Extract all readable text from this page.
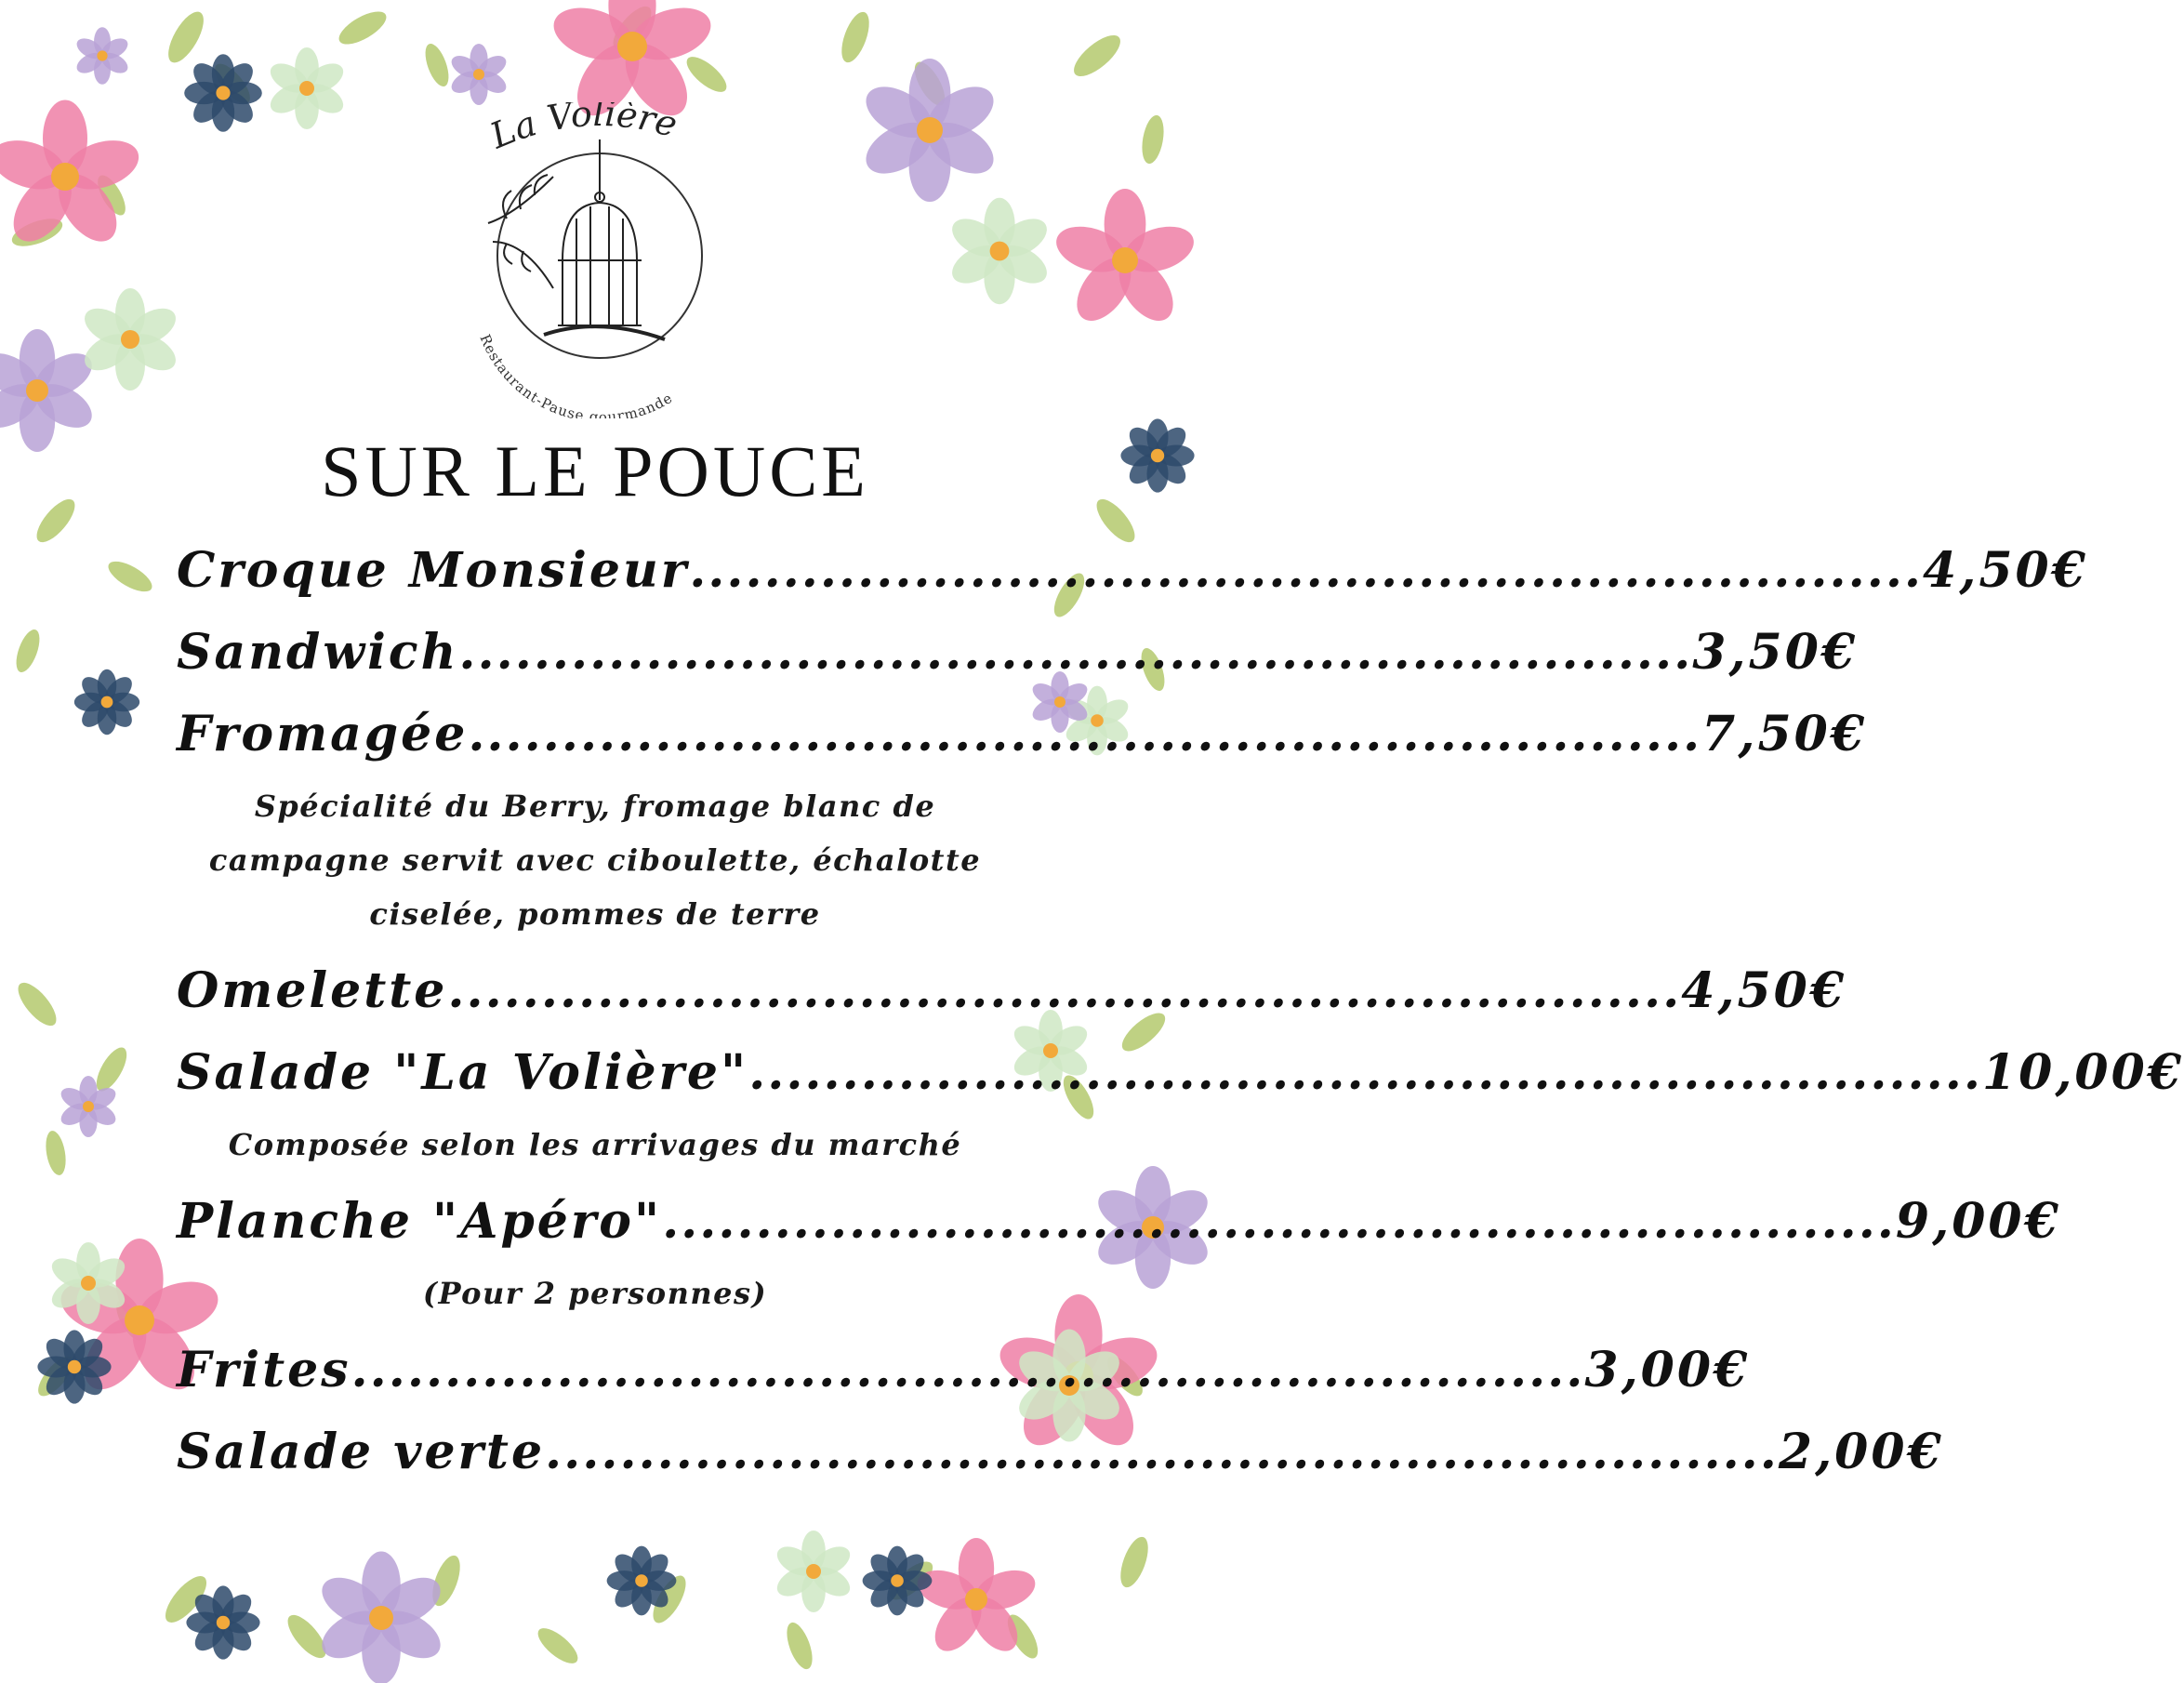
La Volière
Restaurant-Pause gourmande
SUR LE POUCE
Croque Monsieur .................................................................. 4,50€
Sandwich .................................................................. 3,50€
Fromagée .................................................................. 7,50€

Spécialité du Berry, fromage blanc de

campagne servit avec ciboulette, échalotte

ciselée, pommes de terre

Omelette .................................................................. 4,50€
Salade "La Volière" .................................................................. 10,00€

Composée selon les arrivages du marché

Planche "Apéro" .................................................................. 9,00€

(Pour 2 personnes)

Frites .................................................................. 3,00€
Salade verte .................................................................. 2,00€
